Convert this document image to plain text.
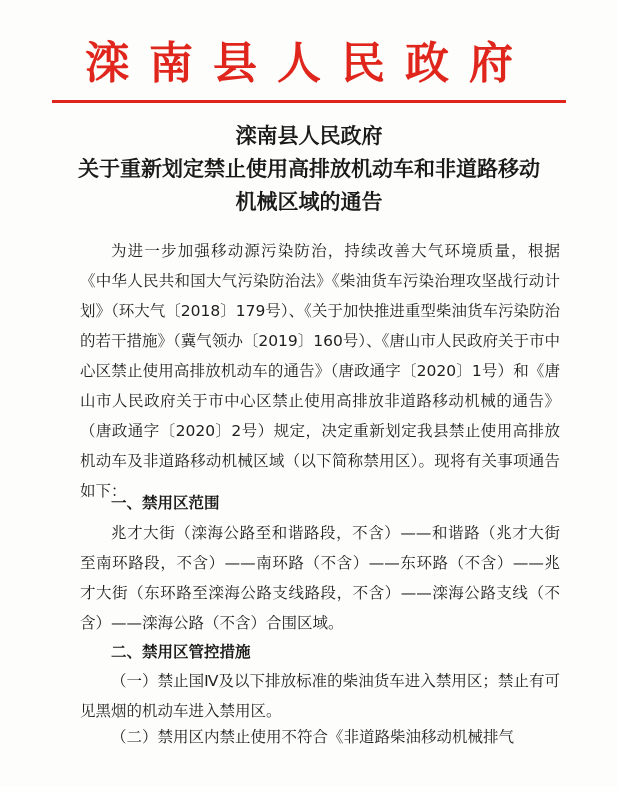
滦南县人民政府
滦南县人民政府
关于重新划定禁止使用高排放机动车和非道路移动
机械区域的通告
为进一步加强移动源污染防治，持续改善大气环境质量，根据《中华人民共和国大气污染防治法》《柴油货车污染治理攻坚战行动计划》（环大气〔2018〕179号）、《关于加快推进重型柴油货车污染防治的若干措施》（冀气领办〔2019〕160号）、《唐山市人民政府关于市中心区禁止使用高排放机动车的通告》（唐政通字〔2020〕1号）和《唐山市人民政府关于市中心区禁止使用高排放非道路移动机械的通告》（唐政通字〔2020〕2号）规定，决定重新划定我县禁止使用高排放机动车及非道路移动机械区域（以下简称禁用区）。现将有关事项通告如下：
一、禁用区范围
兆才大街（滦海公路至和谐路段，不含）——和谐路（兆才大街至南环路段，不含）——南环路（不含）——东环路（不含）——兆才大街（东环路至滦海公路支线路段，不含）——滦海公路支线（不含）——滦海公路（不含）合围区域。
二、禁用区管控措施
（一）禁止国Ⅳ及以下排放标准的柴油货车进入禁用区；禁止有可见黑烟的机动车进入禁用区。
（二）禁用区内禁止使用不符合《非道路柴油移动机械排气
